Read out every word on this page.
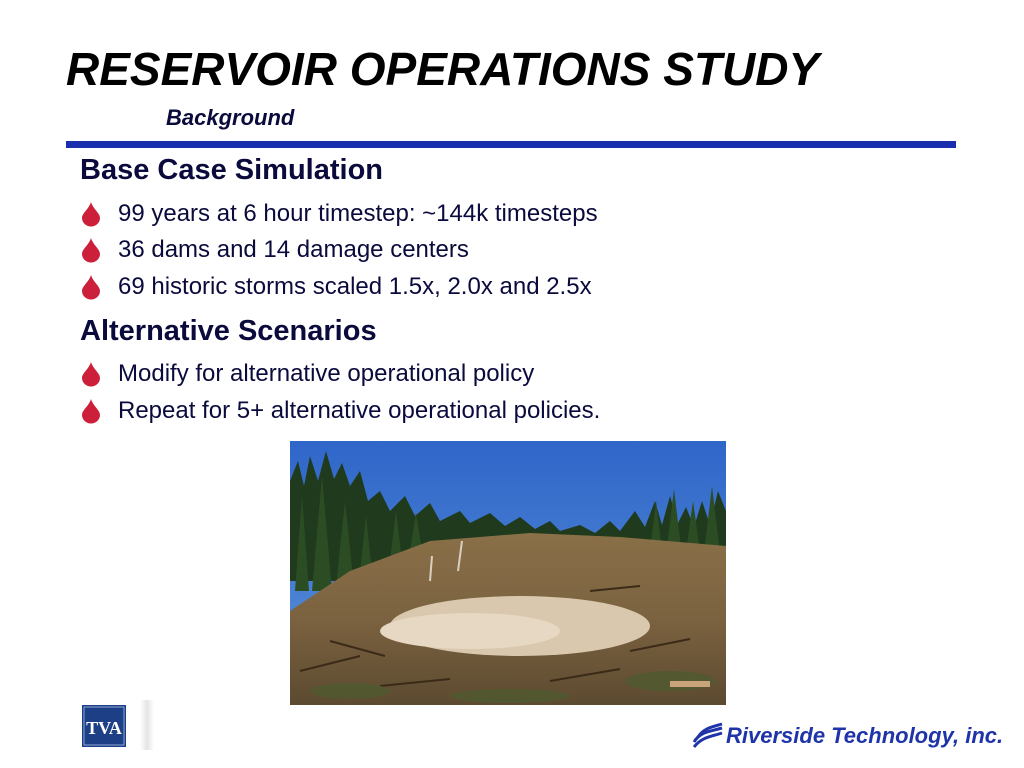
RESERVOIR OPERATIONS STUDY
Background
Base Case Simulation
99 years at 6 hour timestep: ~144k timesteps
36 dams and 14 damage centers
69 historic storms scaled 1.5x, 2.0x and 2.5x
Alternative Scenarios
Modify for alternative operational policy
Repeat for 5+ alternative operational policies.
TVA	Riverside Technology, inc.
